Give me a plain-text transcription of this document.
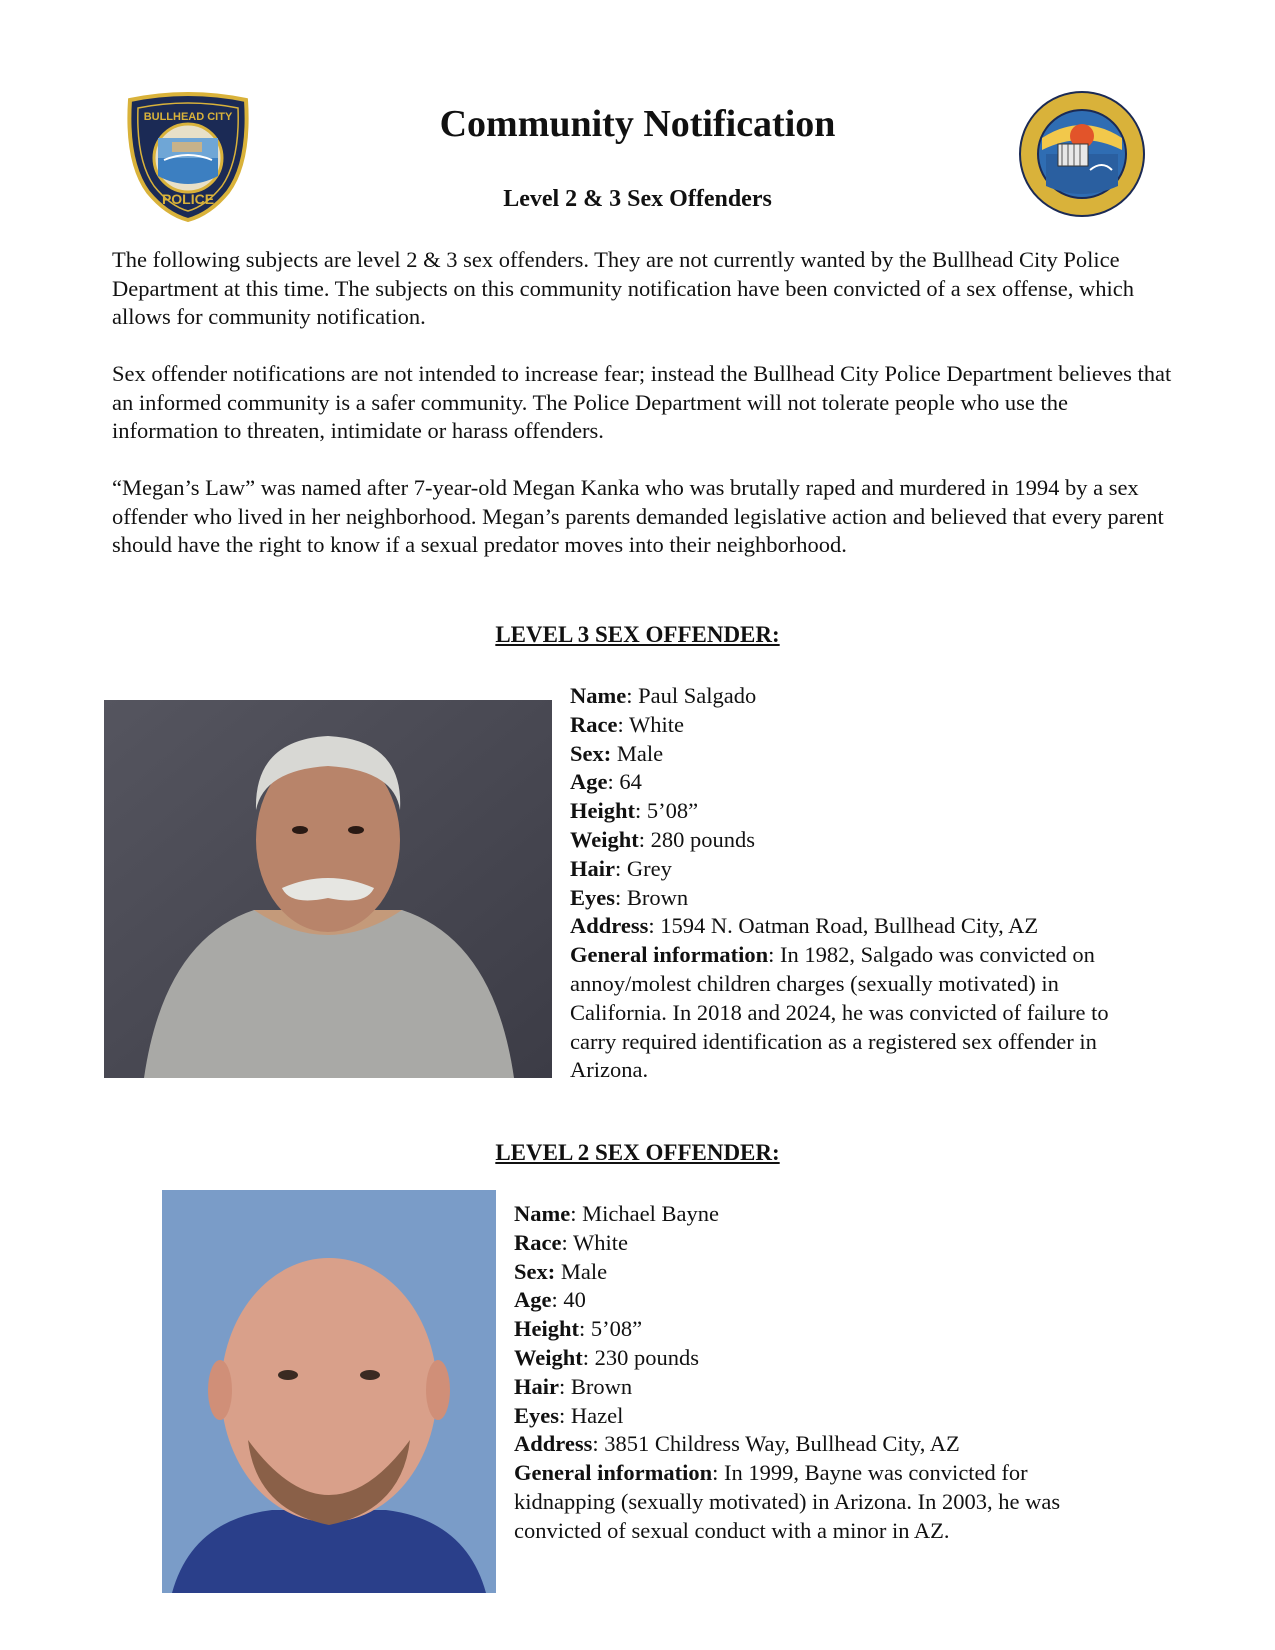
POLICE
BULLHEAD CITY	Community Notification
Level 2 & 3 Sex Offenders
The following subjects are level 2 & 3 sex offenders. They are not currently wanted by the Bullhead City Police Department at this time. The subjects on this community notification have been convicted of a sex offense, which allows for community notification.
Sex offender notifications are not intended to increase fear; instead the Bullhead City Police Department believes that an informed community is a safer community. The Police Department will not tolerate people who use the information to threaten, intimidate or harass offenders.
“Megan’s Law” was named after 7-year-old Megan Kanka who was brutally raped and murdered in 1994 by a sex offender who lived in her neighborhood. Megan’s parents demanded legislative action and believed that every parent should have the right to know if a sexual predator moves into their neighborhood.
LEVEL 3 SEX OFFENDER:
Name: Paul Salgado
Race: White
Sex: Male
Age: 64
Height: 5’08”
Weight: 280 pounds
Hair: Grey
Eyes: Brown
Address: 1594 N. Oatman Road, Bullhead City, AZ
General information: In 1982, Salgado was convicted on annoy/molest children charges (sexually motivated) in California. In 2018 and 2024, he was convicted of failure to carry required identification as a registered sex offender in Arizona.
LEVEL 2 SEX OFFENDER:
Name: Michael Bayne
Race: White
Sex: Male
Age: 40
Height: 5’08”
Weight: 230 pounds
Hair: Brown
Eyes: Hazel
Address: 3851 Childress Way, Bullhead City, AZ
General information: In 1999, Bayne was convicted for kidnapping (sexually motivated) in Arizona. In 2003, he was convicted of sexual conduct with a minor in AZ.
